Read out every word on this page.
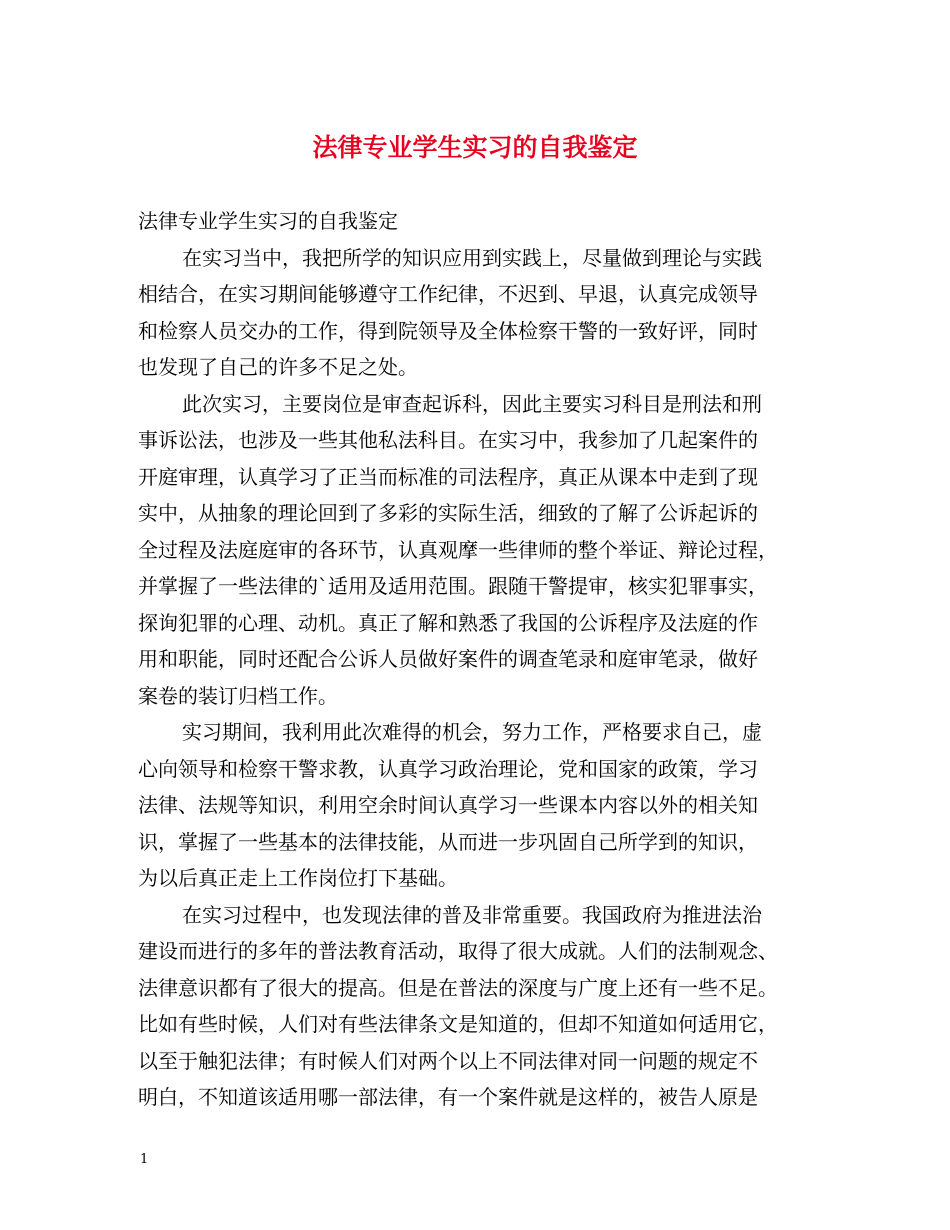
法律专业学生实习的自我鉴定
法律专业学生实习的自我鉴定
在实习当中，我把所学的知识应用到实践上，尽量做到理论与实践
相结合，在实习期间能够遵守工作纪律，不迟到、早退，认真完成领导
和检察人员交办的工作，得到院领导及全体检察干警的一致好评，同时
也发现了自己的许多不足之处。
此次实习，主要岗位是审查起诉科，因此主要实习科目是刑法和刑
事诉讼法，也涉及一些其他私法科目。在实习中，我参加了几起案件的
开庭审理，认真学习了正当而标准的司法程序，真正从课本中走到了现
实中，从抽象的理论回到了多彩的实际生活，细致的了解了公诉起诉的
全过程及法庭庭审的各环节，认真观摩一些律师的整个举证、辩论过程，
并掌握了一些法律的`适用及适用范围。跟随干警提审，核实犯罪事实，
探询犯罪的心理、动机。真正了解和熟悉了我国的公诉程序及法庭的作
用和职能，同时还配合公诉人员做好案件的调查笔录和庭审笔录，做好
案卷的装订归档工作。
实习期间，我利用此次难得的机会，努力工作，严格要求自己，虚
心向领导和检察干警求教，认真学习政治理论，党和国家的政策，学习
法律、法规等知识，利用空余时间认真学习一些课本内容以外的相关知
识，掌握了一些基本的法律技能，从而进一步巩固自己所学到的知识，
为以后真正走上工作岗位打下基础。
在实习过程中，也发现法律的普及非常重要。我国政府为推进法治
建设而进行的多年的普法教育活动，取得了很大成就。人们的法制观念、
法律意识都有了很大的提高。但是在普法的深度与广度上还有一些不足。
比如有些时候，人们对有些法律条文是知道的，但却不知道如何适用它，
以至于触犯法律；有时候人们对两个以上不同法律对同一问题的规定不
明白，不知道该适用哪一部法律，有一个案件就是这样的，被告人原是
1
